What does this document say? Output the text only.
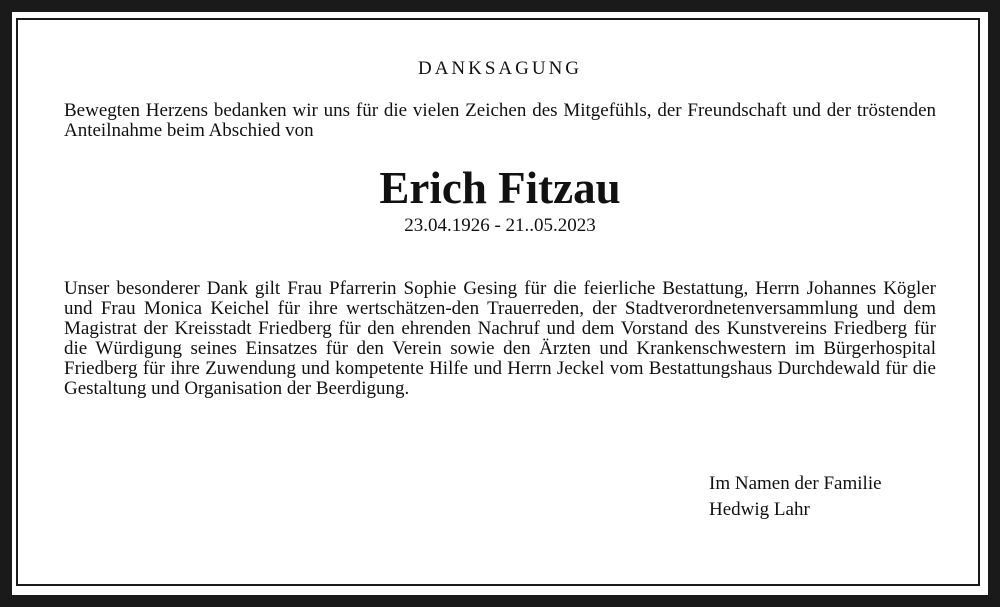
DANKSAGUNG
Bewegten Herzens bedanken wir uns für die vielen Zeichen des Mitgefühls, der Freundschaft und der tröstenden Anteilnahme beim Abschied von
Erich Fitzau
23.04.1926 - 21..05.2023
Unser besonderer Dank gilt Frau Pfarrerin Sophie Gesing für die feierliche Bestattung, Herrn Johannes Kögler und Frau Monica Keichel für ihre wertschätzen-den Trauerreden, der Stadtverordnetenversammlung und dem Magistrat der Kreisstadt Friedberg für den ehrenden Nachruf und dem Vorstand des Kunstvereins Friedberg für die Würdigung seines Einsatzes für den Verein sowie den Ärzten und Krankenschwestern im Bürgerhospital Friedberg für ihre Zuwendung und kompetente Hilfe und Herrn Jeckel vom Bestattungshaus Durchdewald für die Gestaltung und Organisation der Beerdigung.
Im Namen der Familie
Hedwig Lahr
